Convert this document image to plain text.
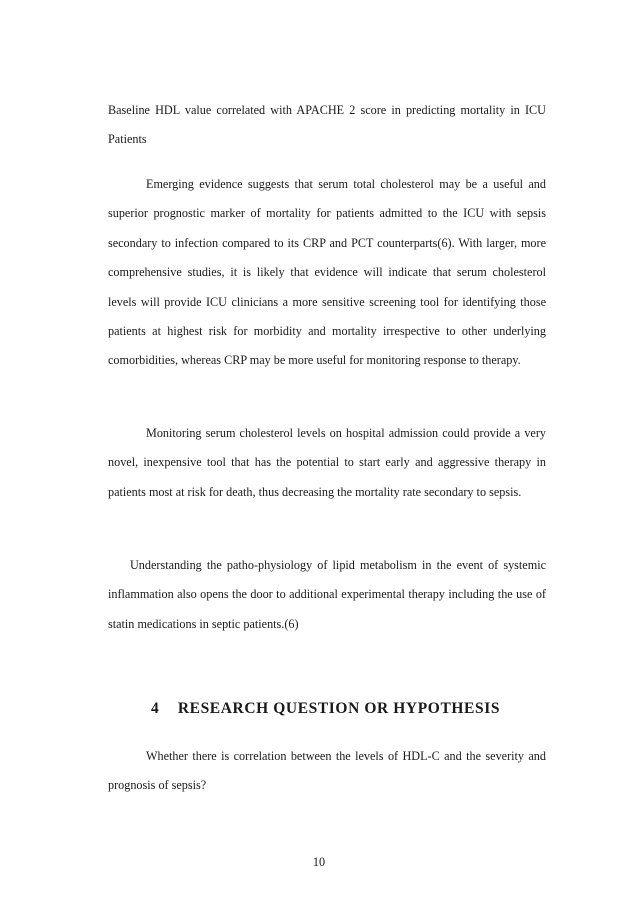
Baseline HDL value correlated with APACHE 2 score in predicting mortality in ICU Patients

Emerging evidence suggests that serum total cholesterol may be a useful and superior prognostic marker of mortality for patients admitted to the ICU with sepsis secondary to infection compared to its CRP and PCT counterparts(6). With larger, more comprehensive studies, it is likely that evidence will indicate that serum cholesterol levels will provide ICU clinicians a more sensitive screening tool for identifying those patients at highest risk for morbidity and mortality irrespective to other underlying comorbidities, whereas CRP may be more useful for monitoring response to therapy.

Monitoring serum cholesterol levels on hospital admission could provide a very novel, inexpensive tool that has the potential to start early and aggressive therapy in patients most at risk for death, thus decreasing the mortality rate secondary to sepsis.

Understanding the patho-physiology of lipid metabolism in the event of systemic inflammation also opens the door to additional experimental therapy including the use of statin medications in septic patients.(6)

4 RESEARCH QUESTION OR HYPOTHESIS

Whether there is correlation between the levels of HDL-C and the severity and prognosis of sepsis?

10
